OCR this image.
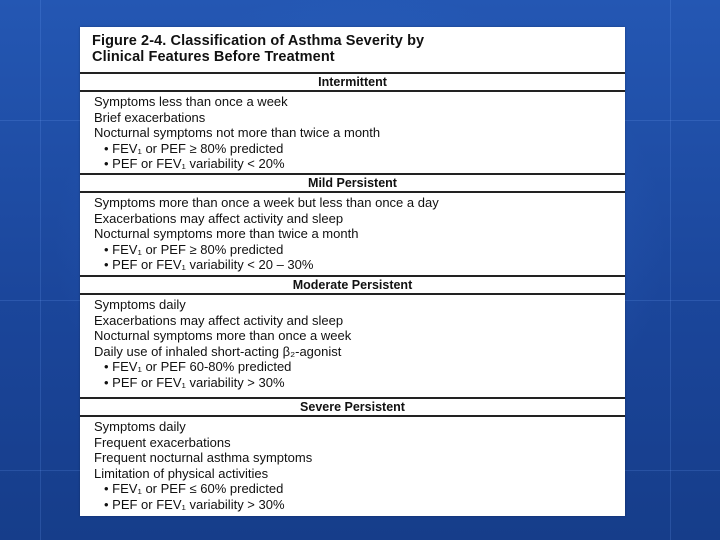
Figure 2-4. Classification of Asthma Severity by
Clinical Features Before Treatment
Intermittent
Symptoms less than once a week
Brief exacerbations
Nocturnal symptoms not more than twice a month
• FEV₁ or PEF ≥ 80% predicted
• PEF or FEV₁ variability < 20%
Mild Persistent
Symptoms more than once a week but less than once a day
Exacerbations may affect activity and sleep
Nocturnal symptoms more than twice a month
• FEV₁ or PEF ≥ 80% predicted
• PEF or FEV₁ variability < 20 – 30%
Moderate Persistent
Symptoms daily
Exacerbations may affect activity and sleep
Nocturnal symptoms more than once a week
Daily use of inhaled short-acting β₂-agonist
• FEV₁ or PEF 60-80% predicted
• PEF or FEV₁ variability > 30%
Severe Persistent
Symptoms daily
Frequent exacerbations
Frequent nocturnal asthma symptoms
Limitation of physical activities
• FEV₁ or PEF ≤ 60% predicted
• PEF or FEV₁ variability > 30%
